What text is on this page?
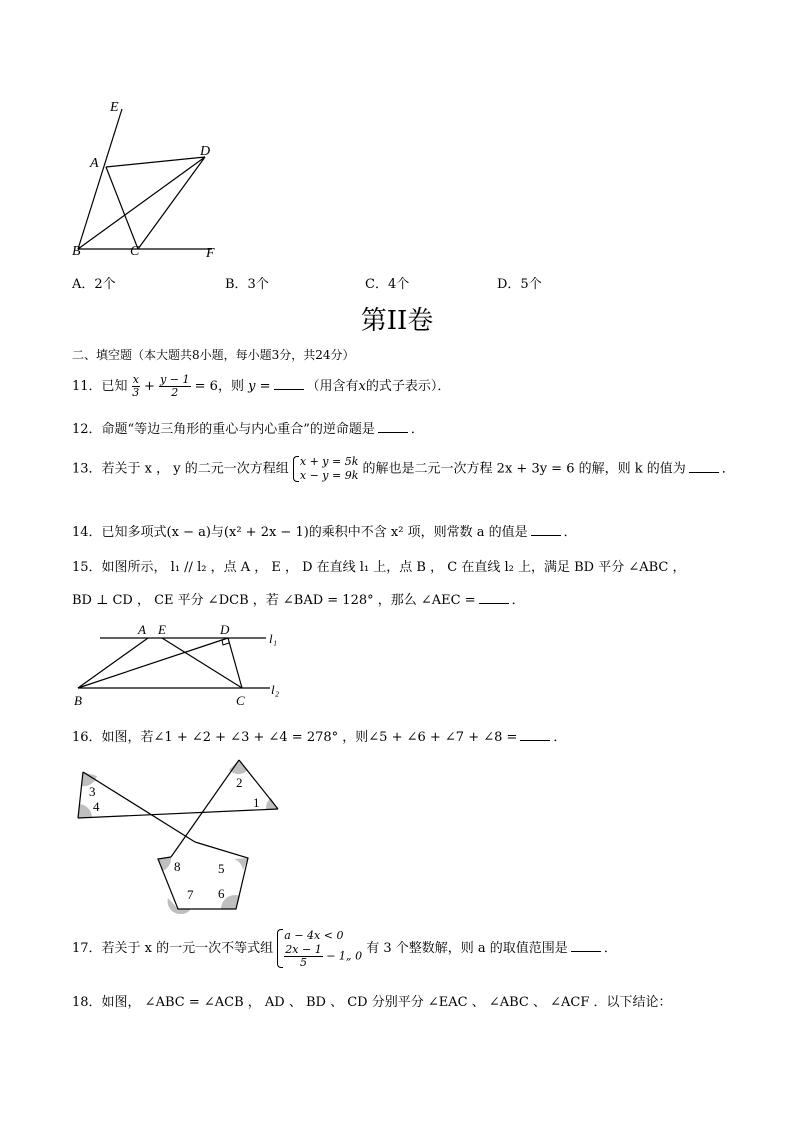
E
A
D
B	C	F
A．2个	B．3个	C．4个	D．5个
第II卷
二、填空题（本大题共8小题，每小题3分，共24分）
11．已知 $\frac{x}{3} + \frac{y - 1}{2} = 6$，则 y =	（用含有x的式子表示）．
12．命题“等边三角形的重心与内心重合”的逆命题是	．
13．若关于 x ， y 的二元一次方程组 x + y = 5k
x − y = 9k 的解也是二元一次方程 2x + 3y = 6 的解，则 k 的值为	．
14．已知多项式(x − a)与(x² + 2x − 1)的乘积中不含 x² 项，则常数 a 的值是	．
15．如图所示， l₁ // l₂ ，点 A ， E ， D 在直线 l₁ 上，点 B ， C 在直线 l₂ 上，满足 BD 平分 ∠ABC ，
BD ⊥ CD ， CE 平分 ∠DCB ，若 ∠BAD = 128° ，那么 ∠AEC =	．
A E	D
l₁
B	C
l₂
16．如图，若∠1 + ∠2 + ∠3 + ∠4 = 278° ，则∠5 + ∠6 + ∠7 + ∠8 =	．
3
4
2
1
8	5
7 6
17．若关于 x 的一元一次不等式组
a − 4x < 0
$\frac{2x - 1}{5}$ − 1„ 0 有 3 个整数解，则 a 的取值范围是	．
18．如图， ∠ABC = ∠ACB ， AD 、 BD 、 CD 分别平分 ∠EAC 、 ∠ABC 、 ∠ACF ．以下结论：
